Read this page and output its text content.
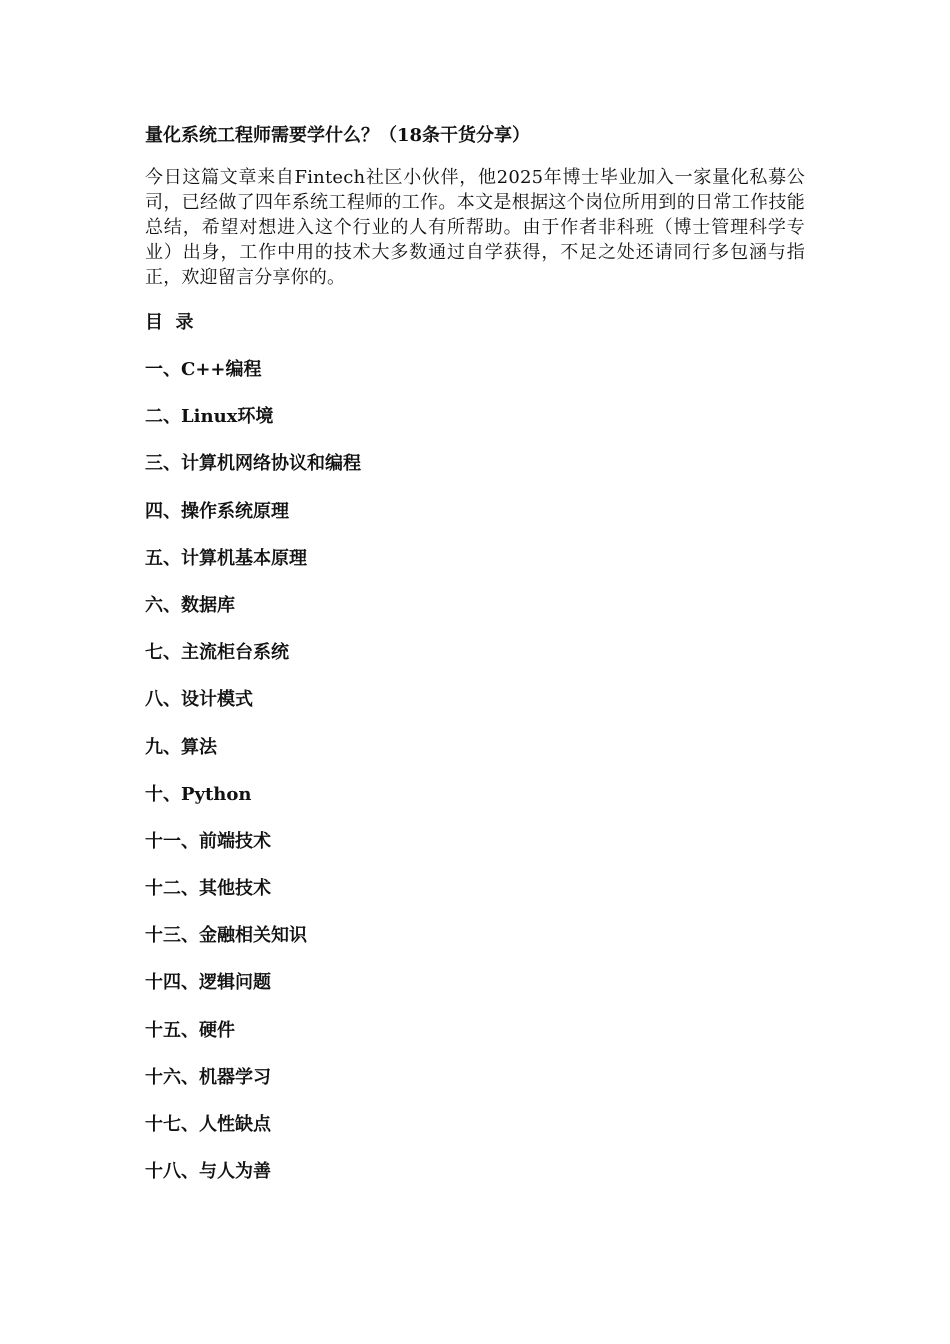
量化系统工程师需要学什么？（18条干货分享）

今日这篇文章来自Fintech社区小伙伴，他2025年博士毕业加入一家量化私募公司，已经做了四年系统工程师的工作。本文是根据这个岗位所用到的日常工作技能总结，希望对想进入这个行业的人有所帮助。由于作者非科班（博士管理科学专业）出身，工作中用的技术大多数通过自学获得，不足之处还请同行多包涵与指正，欢迎留言分享你的。

目  录
一、C++编程
二、Linux环境
三、计算机网络协议和编程
四、操作系统原理
五、计算机基本原理
六、数据库
七、主流柜台系统
八、设计模式
九、算法
十、Python
十一、前端技术
十二、其他技术
十三、金融相关知识
十四、逻辑问题
十五、硬件
十六、机器学习
十七、人性缺点
十八、与人为善
